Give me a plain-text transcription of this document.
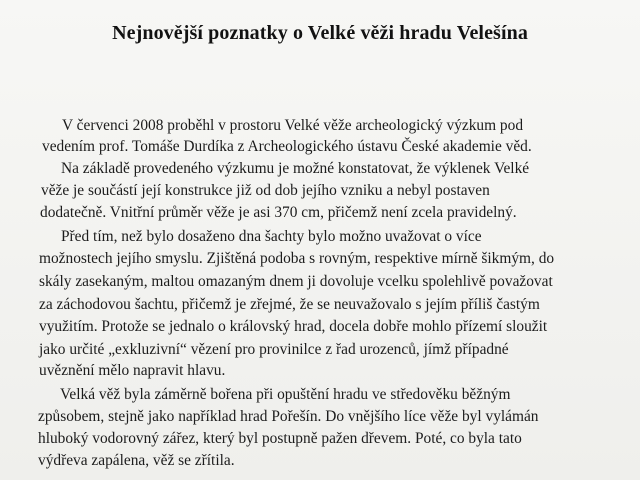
Nejnovější poznatky o Velké věži hradu Velešína
V červenci 2008 proběhl v prostoru Velké věže archeologický výzkum pod
vedením prof. Tomáše Durdíka z Archeologického ústavu České akademie věd.
Na základě provedeného výzkumu je možné konstatovat, že výklenek Velké
věže je součástí její konstrukce již od dob jejího vzniku a nebyl postaven
dodatečně. Vnitřní průměr věže je asi 370 cm, přičemž není zcela pravidelný.
Před tím, než bylo dosaženo dna šachty bylo možno uvažovat o více
možnostech jejího smyslu. Zjištěná podoba s rovným, respektive mírně šikmým, do
skály zasekaným, maltou omazaným dnem ji dovoluje vcelku spolehlivě považovat
za záchodovou šachtu, přičemž je zřejmé, že se neuvažovalo s jejím příliš častým
využitím. Protože se jednalo o královský hrad, docela dobře mohlo přízemí sloužit
jako určité „exkluzivní“ vězení pro provinilce z řad urozenců, jímž případné
uvěznění mělo napravit hlavu.
Velká věž byla záměrně bořena při opuštění hradu ve středověku běžným
způsobem, stejně jako například hrad Pořešín. Do vnějšího líce věže byl vylámán
hluboký vodorovný zářez, který byl postupně pažen dřevem. Poté, co byla tato
výdřeva zapálena, věž se zřítila.
